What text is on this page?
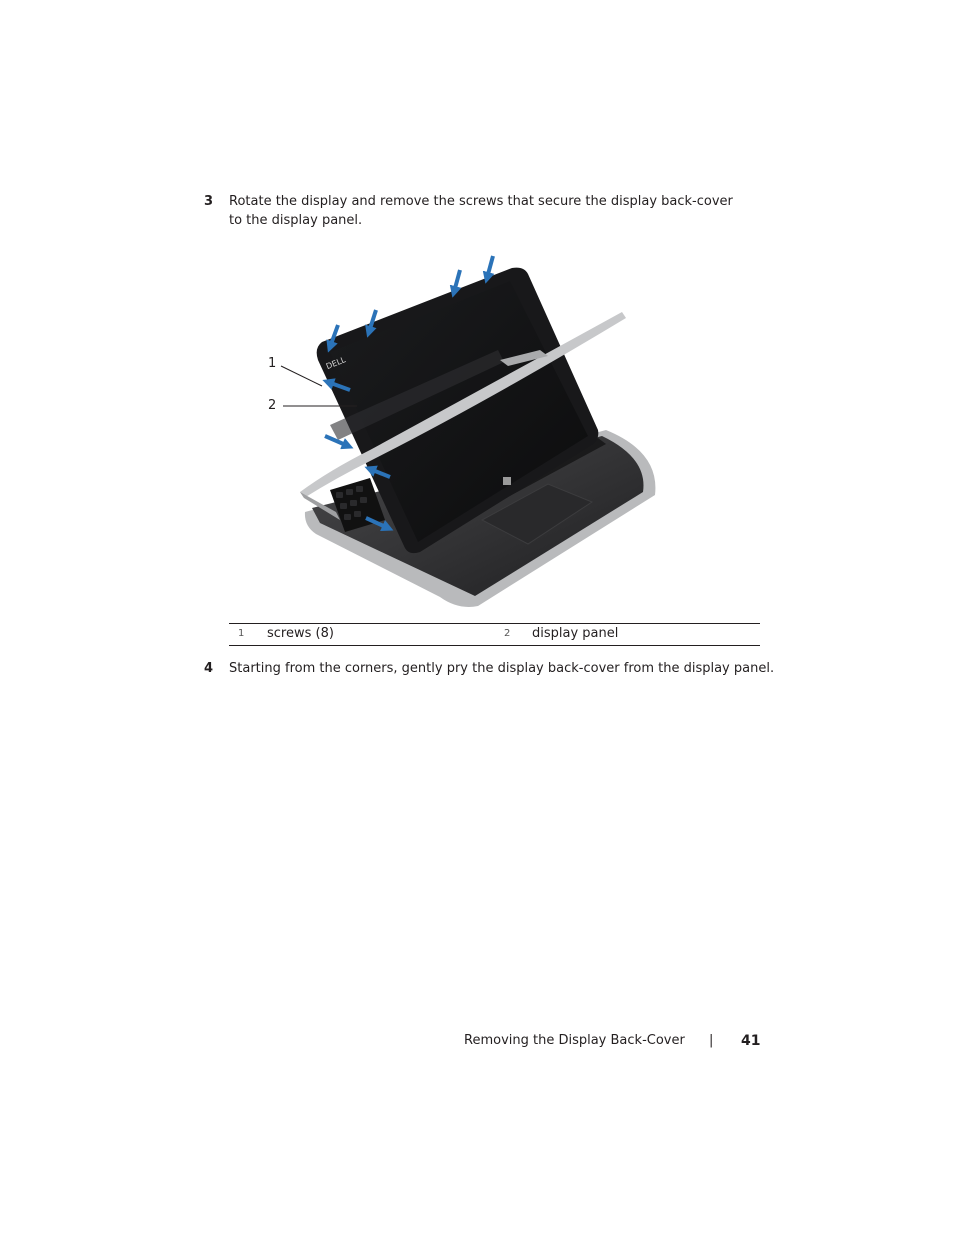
3 Rotate the display and remove the screws that secure the display back-cover to the display panel.
1
2
DELL
1 screws (8)	2 display panel
4 Starting from the corners, gently pry the display back-cover from the display panel.
Removing the Display Back-Cover | 41
